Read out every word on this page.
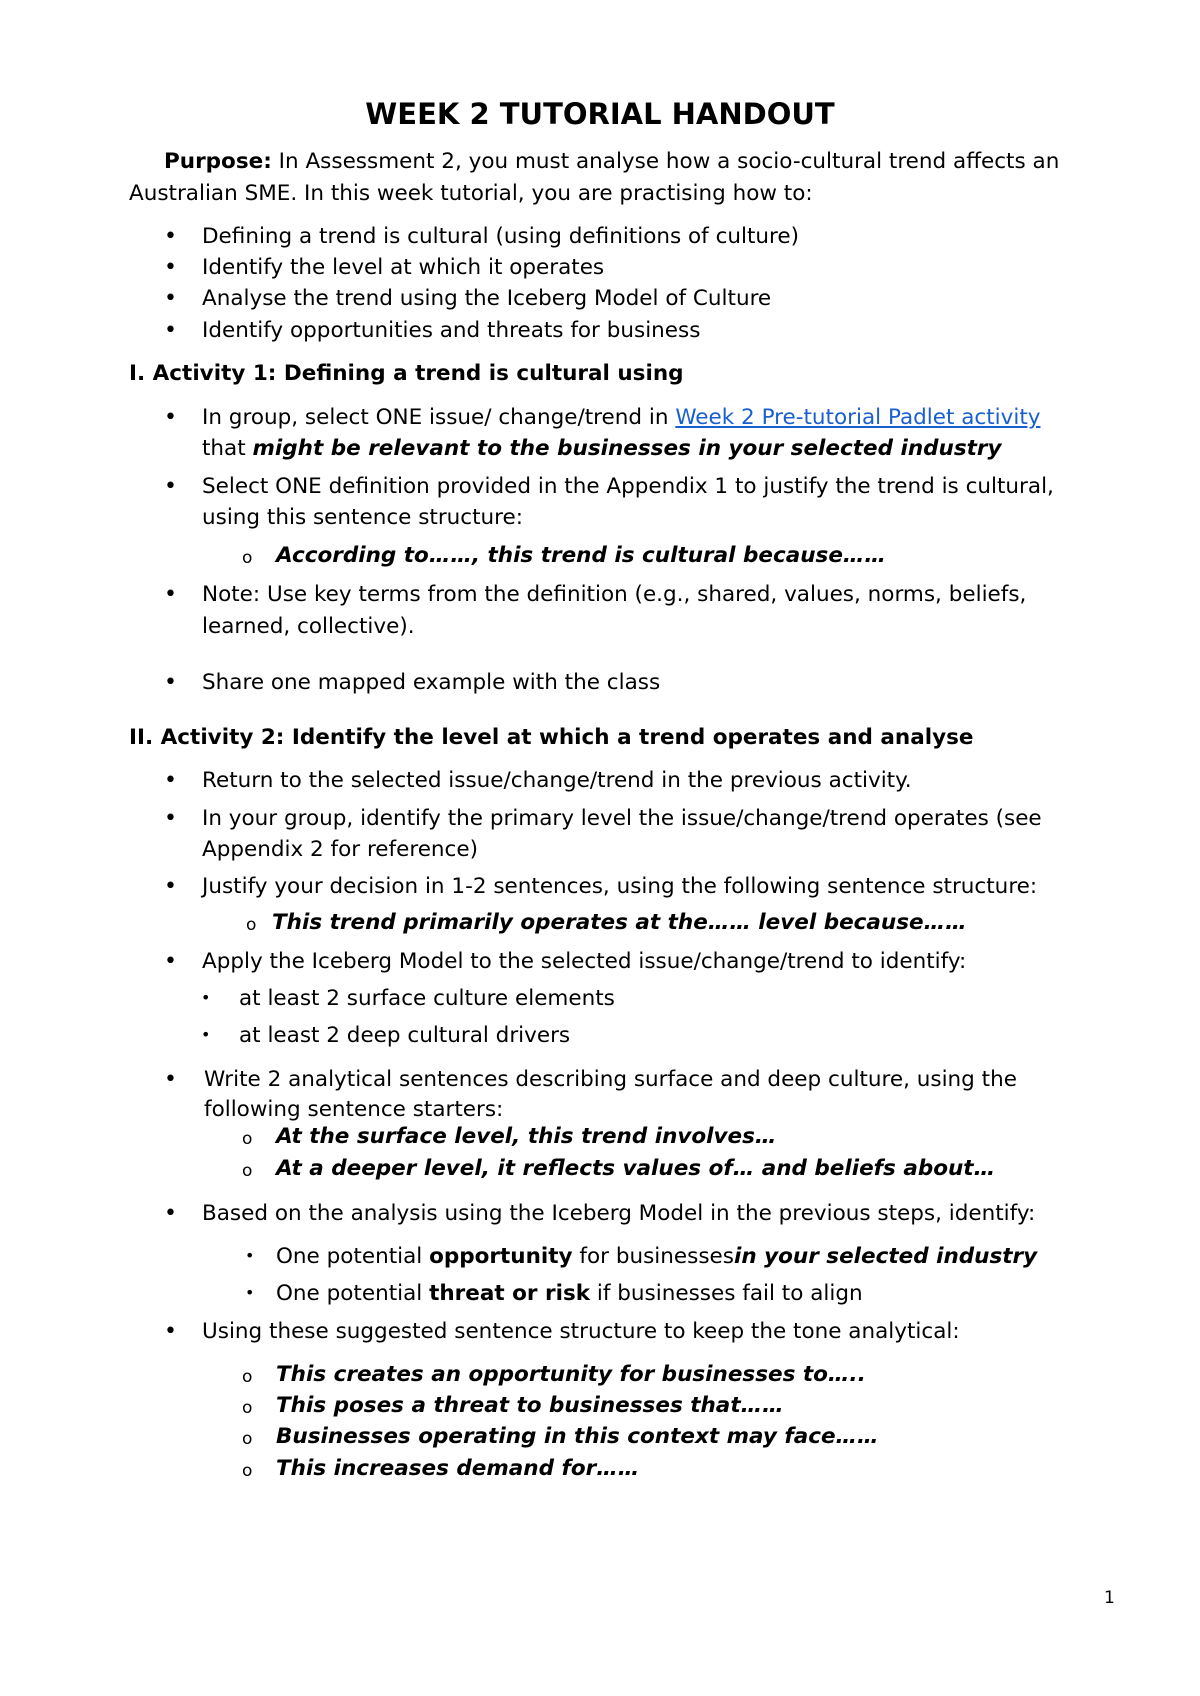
WEEK 2 TUTORIAL HANDOUT
Purpose: In Assessment 2, you must analyse how a socio-cultural trend affects an
Australian SME. In this week tutorial, you are practising how to:
• Defining a trend is cultural (using definitions of culture)
• Identify the level at which it operates
• Analyse the trend using the Iceberg Model of Culture
• Identify opportunities and threats for business
I. Activity 1: Defining a trend is cultural using
• In group, select ONE issue/ change/trend in Week 2 Pre-tutorial Padlet activity
that might be relevant to the businesses in your selected industry
• Select ONE definition provided in the Appendix 1 to justify the trend is cultural,
using this sentence structure:
o According to……, this trend is cultural because……
• Note: Use key terms from the definition (e.g., shared, values, norms, beliefs,
learned, collective).
• Share one mapped example with the class
II. Activity 2: Identify the level at which a trend operates and analyse
• Return to the selected issue/change/trend in the previous activity.
• In your group, identify the primary level the issue/change/trend operates (see
Appendix 2 for reference)
• Justify your decision in 1-2 sentences, using the following sentence structure:
o This trend primarily operates at the…… level because……
• Apply the Iceberg Model to the selected issue/change/trend to identify:
• at least 2 surface culture elements
• at least 2 deep cultural drivers
• Write 2 analytical sentences describing surface and deep culture, using the
following sentence starters:
o At the surface level, this trend involves…
o At a deeper level, it reflects values of… and beliefs about…
• Based on the analysis using the Iceberg Model in the previous steps, identify:
• One potential opportunity for businessesin your selected industry
• One potential threat or risk if businesses fail to align
• Using these suggested sentence structure to keep the tone analytical:
o This creates an opportunity for businesses to…..
o This poses a threat to businesses that……
o Businesses operating in this context may face……
o This increases demand for……
1
